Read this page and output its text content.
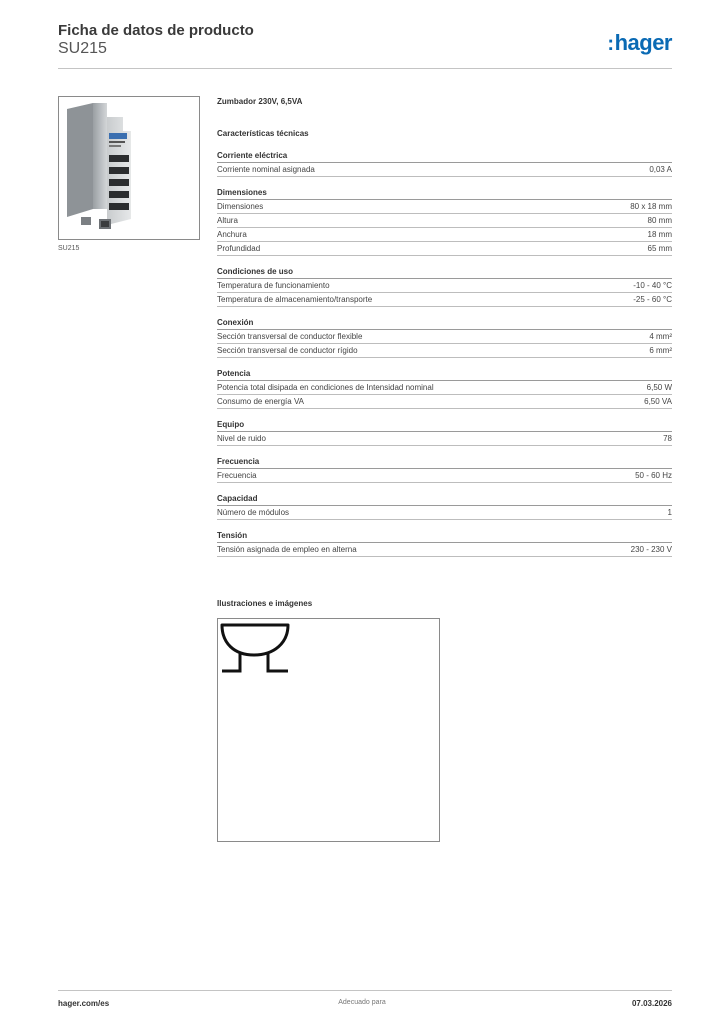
Ficha de datos de producto
SU215	:hager
SU215
Zumbador 230V, 6,5VA
Características técnicas
Corriente eléctrica
Corriente nominal asignada	0,03 A
Dimensiones
Dimensiones	80 x 18 mm
Altura	80 mm
Anchura	18 mm
Profundidad	65 mm
Condiciones de uso
Temperatura de funcionamiento	-10 - 40 °C
Temperatura de almacenamiento/transporte	-25 - 60 °C
Conexión
Sección transversal de conductor flexible	4 mm²
Sección transversal de conductor rígido	6 mm²
Potencia
Potencia total disipada en condiciones de Intensidad nominal	6,50 W
Consumo de energía VA	6,50 VA
Equipo
Nivel de ruido	78
Frecuencia
Frecuencia	50 - 60 Hz
Capacidad
Número de módulos	1
Tensión
Tensión asignada de empleo en alterna	230 - 230 V
Ilustraciones e imágenes
hager.com/es	Adecuado para	07.03.2026
